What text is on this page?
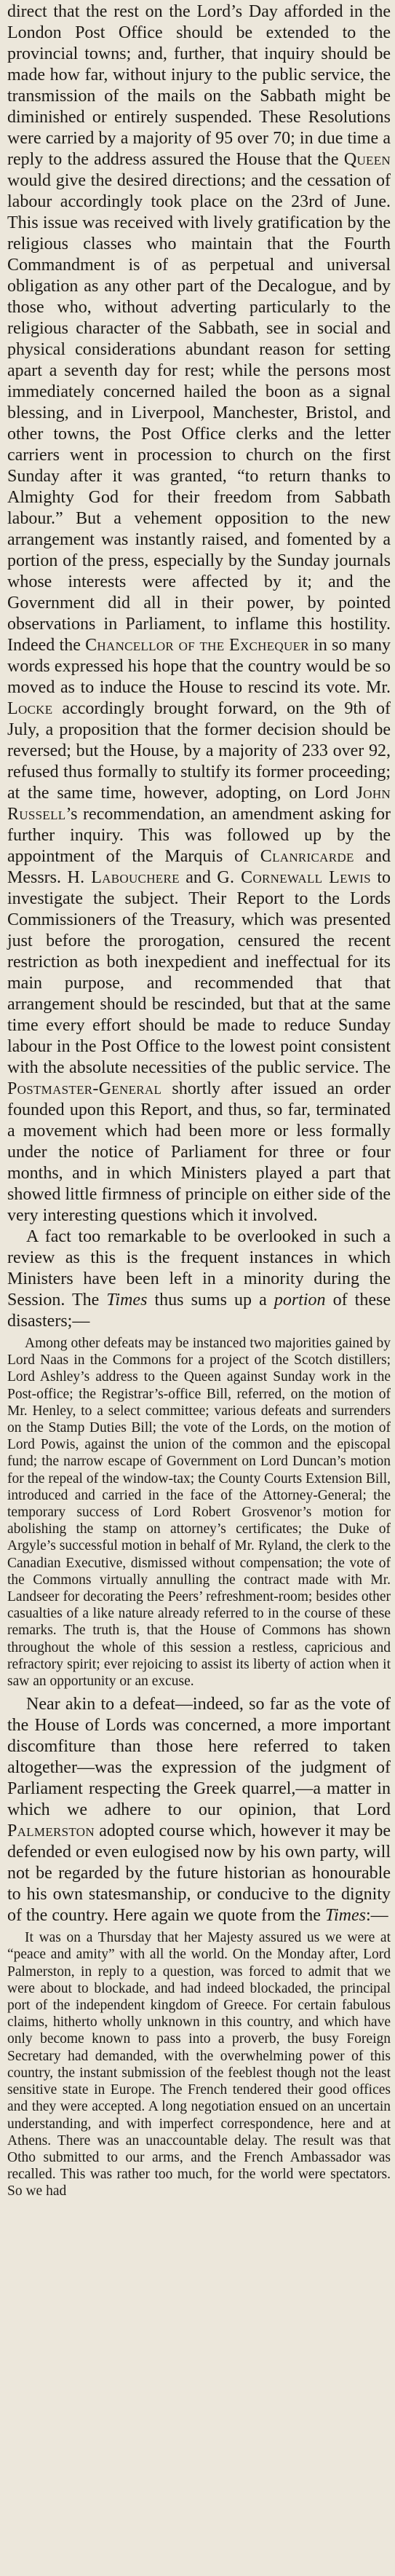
direct that the rest on the Lord’s Day afforded in the London Post Office should be extended to the provincial towns; and, further, that inquiry should be made how far, without injury to the public service, the transmission of the mails on the Sabbath might be diminished or entirely suspended. These Resolutions were carried by a majority of 95 over 70; in due time a reply to the address assured the House that the Queen would give the desired directions; and the cessation of labour accordingly took place on the 23rd of June. This issue was received with lively gratification by the religious classes who maintain that the Fourth Commandment is of as perpetual and universal obligation as any other part of the Decalogue, and by those who, without adverting particularly to the religious character of the Sabbath, see in social and physical considerations abundant reason for setting apart a seventh day for rest; while the persons most immediately concerned hailed the boon as a signal blessing, and in Liverpool, Manchester, Bristol, and other towns, the Post Office clerks and the letter carriers went in procession to church on the first Sunday after it was granted, “to return thanks to Almighty God for their freedom from Sabbath labour.” But a vehement opposition to the new arrangement was instantly raised, and fomented by a portion of the press, especially by the Sunday journals whose interests were affected by it; and the Government did all in their power, by pointed observations in Parliament, to inflame this hostility. Indeed the Chancellor of the Exchequer in so many words expressed his hope that the country would be so moved as to induce the House to rescind its vote. Mr. Locke accordingly brought forward, on the 9th of July, a proposition that the former decision should be reversed; but the House, by a majority of 233 over 92, refused thus formally to stultify its former proceeding; at the same time, however, adopting, on Lord John Russell’s recommendation, an amendment asking for further inquiry. This was followed up by the appointment of the Marquis of Clanricarde and Messrs. H. Labouchere and G. Cornewall Lewis to investigate the subject. Their Report to the Lords Commissioners of the Treasury, which was presented just before the prorogation, censured the recent restriction as both inexpedient and ineffectual for its main purpose, and recommended that that arrangement should be rescinded, but that at the same time every effort should be made to reduce Sunday labour in the Post Office to the lowest point consistent with the absolute necessities of the public service. The Postmaster-General shortly after issued an order founded upon this Report, and thus, so far, terminated a movement which had been more or less formally under the notice of Parliament for three or four months, and in which Ministers played a part that showed little firmness of principle on either side of the very interesting questions which it involved.

A fact too remarkable to be overlooked in such a review as this is the frequent instances in which Ministers have been left in a minority during the Session. The Times thus sums up a portion of these disasters;—

Among other defeats may be instanced two majorities gained by Lord Naas in the Commons for a project of the Scotch distillers; Lord Ashley’s address to the Queen against Sunday work in the Post-office; the Registrar’s-office Bill, referred, on the motion of Mr. Henley, to a select committee; various defeats and surrenders on the Stamp Duties Bill; the vote of the Lords, on the motion of Lord Powis, against the union of the common and the episcopal fund; the narrow escape of Government on Lord Duncan’s motion for the repeal of the window-tax; the County Courts Extension Bill, introduced and carried in the face of the Attorney-General; the temporary success of Lord Robert Grosvenor’s motion for abolishing the stamp on attorney’s certificates; the Duke of Argyle’s successful motion in behalf of Mr. Ryland, the clerk to the Canadian Executive, dismissed without compensation; the vote of the Commons virtually annulling the contract made with Mr. Landseer for decorating the Peers’ refreshment-room; besides other casualties of a like nature already referred to in the course of these remarks. The truth is, that the House of Commons has shown throughout the whole of this session a restless, capricious and refractory spirit; ever rejoicing to assist its liberty of action when it saw an opportunity or an excuse.

Near akin to a defeat—indeed, so far as the vote of the House of Lords was concerned, a more important discomfiture than those here referred to taken altogether—was the expression of the judgment of Parliament respecting the Greek quarrel,—a matter in which we adhere to our opinion, that Lord Palmerston adopted course which, however it may be defended or even eulogised now by his own party, will not be regarded by the future historian as honourable to his own statesmanship, or conducive to the dignity of the country. Here again we quote from the Times:—

It was on a Thursday that her Majesty assured us we were at “peace and amity” with all the world. On the Monday after, Lord Palmerston, in reply to a question, was forced to admit that we were about to blockade, and had indeed blockaded, the principal port of the independent kingdom of Greece. For certain fabulous claims, hitherto wholly unknown in this country, and which have only become known to pass into a proverb, the busy Foreign Secretary had demanded, with the overwhelming power of this country, the instant submission of the feeblest though not the least sensitive state in Europe. The French tendered their good offices and they were accepted. A long negotiation ensued on an uncertain understanding, and with imperfect correspondence, here and at Athens. There was an unaccountable delay. The result was that Otho submitted to our arms, and the French Ambassador was recalled. This was rather too much, for the world were spectators. So we had
